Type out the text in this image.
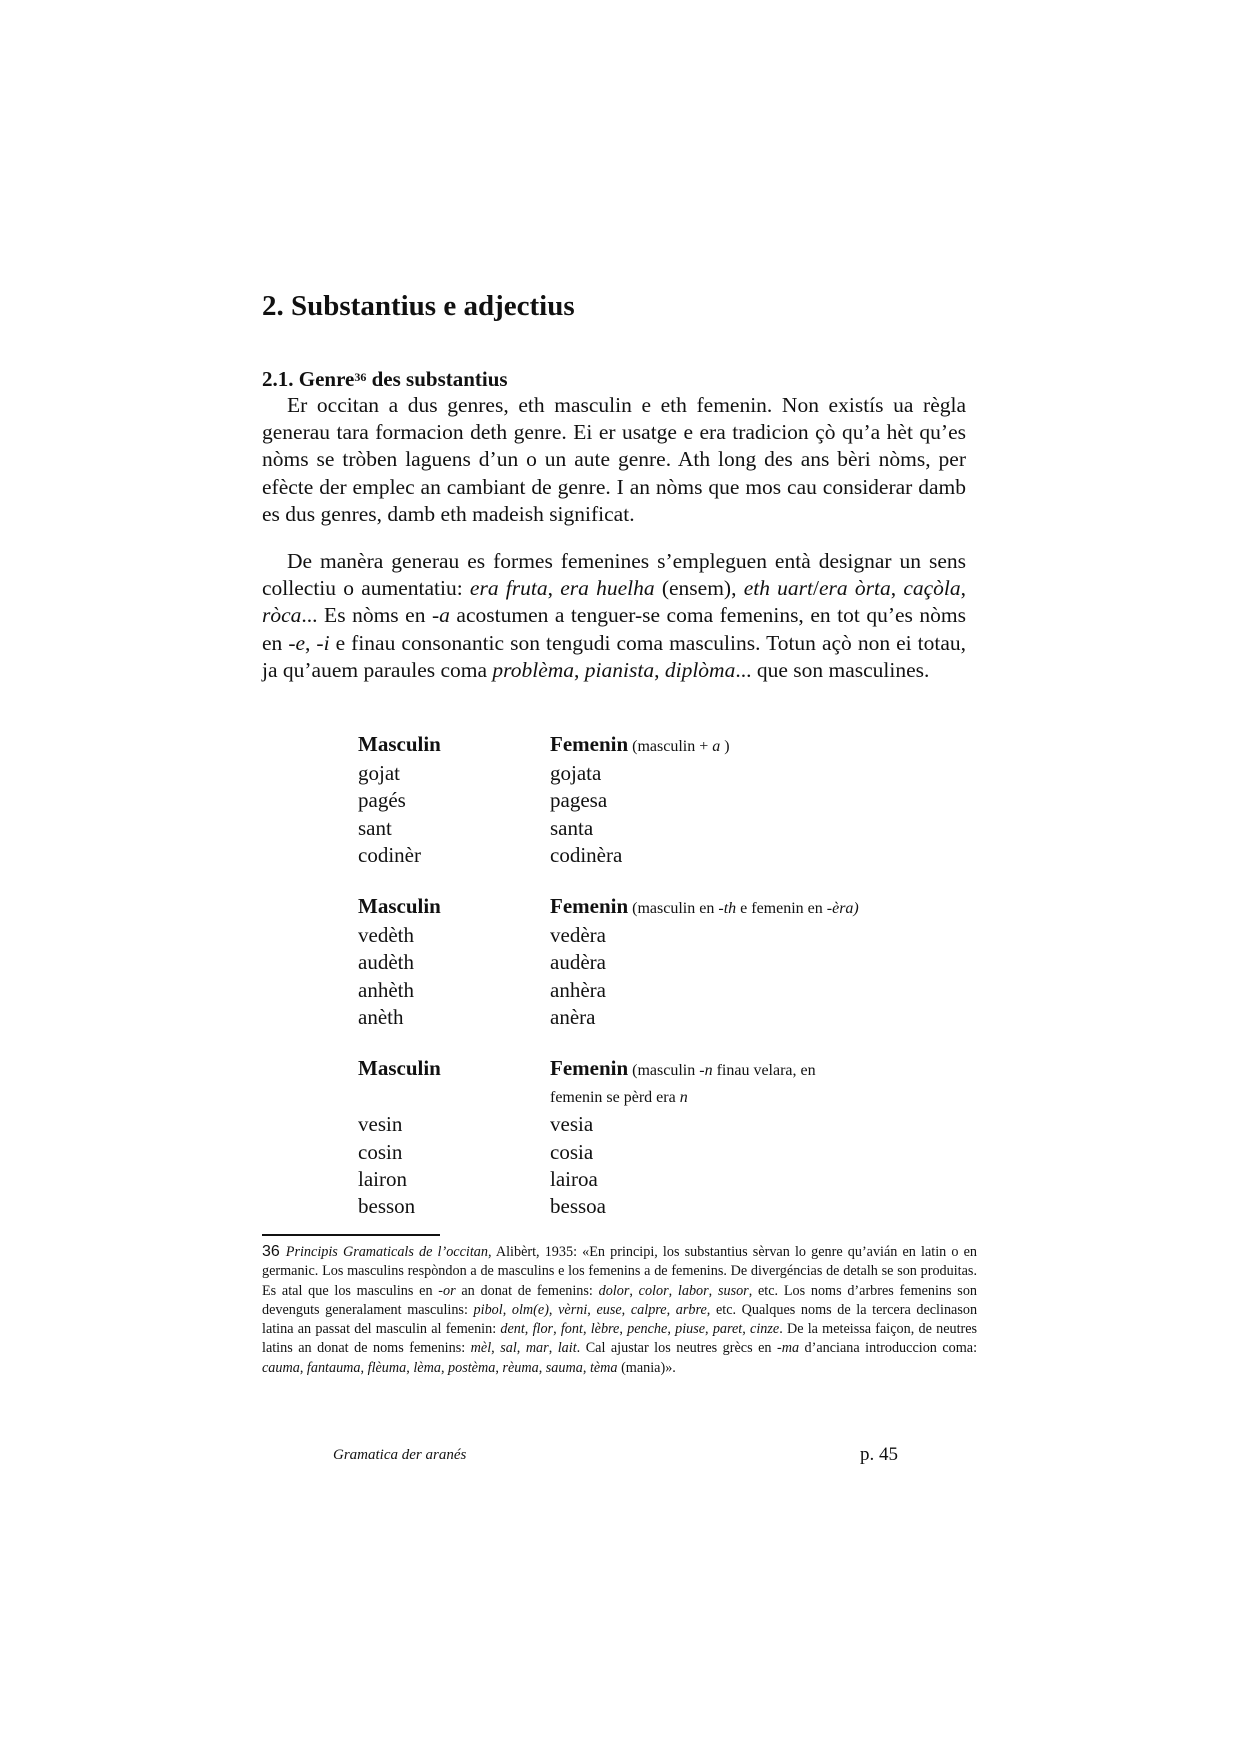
2. Substantius e adjectius
2.1. Genre$^{36}$ des substantius

Er occitan a dus genres, eth masculin e eth femenin. Non existís ua règla generau tara formacion deth genre. Ei er usatge e era tradicion çò qu’a hèt qu’es nòms se tròben laguens d’un o un aute genre. Ath long des ans bèri nòms, per efècte der emplec an cambiant de genre. I an nòms que mos cau considerar damb es dus genres, damb eth madeish significat.

De manèra generau es formes femenines s’empleguen entà designar un sens collectiu o aumentatiu: era fruta, era huelha (ensem), eth uart/era òrta, caçòla, ròca... Es nòms en -a acostumen a tenguer-se coma femenins, en tot qu’es nòms en -e, -i e finau consonantic son tengudi coma masculins. Totun açò non ei totau, ja qu’auem paraules coma problèma, pianista, diplòma... que son masculines.

Masculin	Femenin (masculin + a )
gojat	gojata
pagés	pagesa
sant	santa
codinèr	codinèra
Masculin	Femenin (masculin en -th e femenin en -èra)
vedèth	vedèra
audèth	audèra
anhèth	anhèra
anèth	anèra
Masculin	Femenin (masculin -n finau velara, en
	femenin se pèrd era n
vesin	vesia
cosin	cosia
lairon	lairoa
besson	bessoa

36 Principis Gramaticals de l’occitan, Alibèrt, 1935: «En principi, los substantius sèrvan lo genre qu’avián en latin o en germanic. Los masculins respòndon a de masculins e los femenins a de femenins. De divergéncias de detalh se son produitas. Es atal que los masculins en -or an donat de femenins: dolor, color, labor, susor, etc. Los noms d’arbres femenins son devenguts generalament masculins: pibol, olm(e), vèrni, euse, calpre, arbre, etc. Qualques noms de la tercera declinason latina an passat del masculin al femenin: dent, flor, font, lèbre, penche, piuse, paret, cinze. De la meteissa faiçon, de neutres latins an donat de noms femenins: mèl, sal, mar, lait. Cal ajustar los neutres grècs en -ma d’anciana introduccion coma: cauma, fantauma, flèuma, lèma, postèma, rèuma, sauma, tèma (mania)».

Gramatica der aranés	p. 45
